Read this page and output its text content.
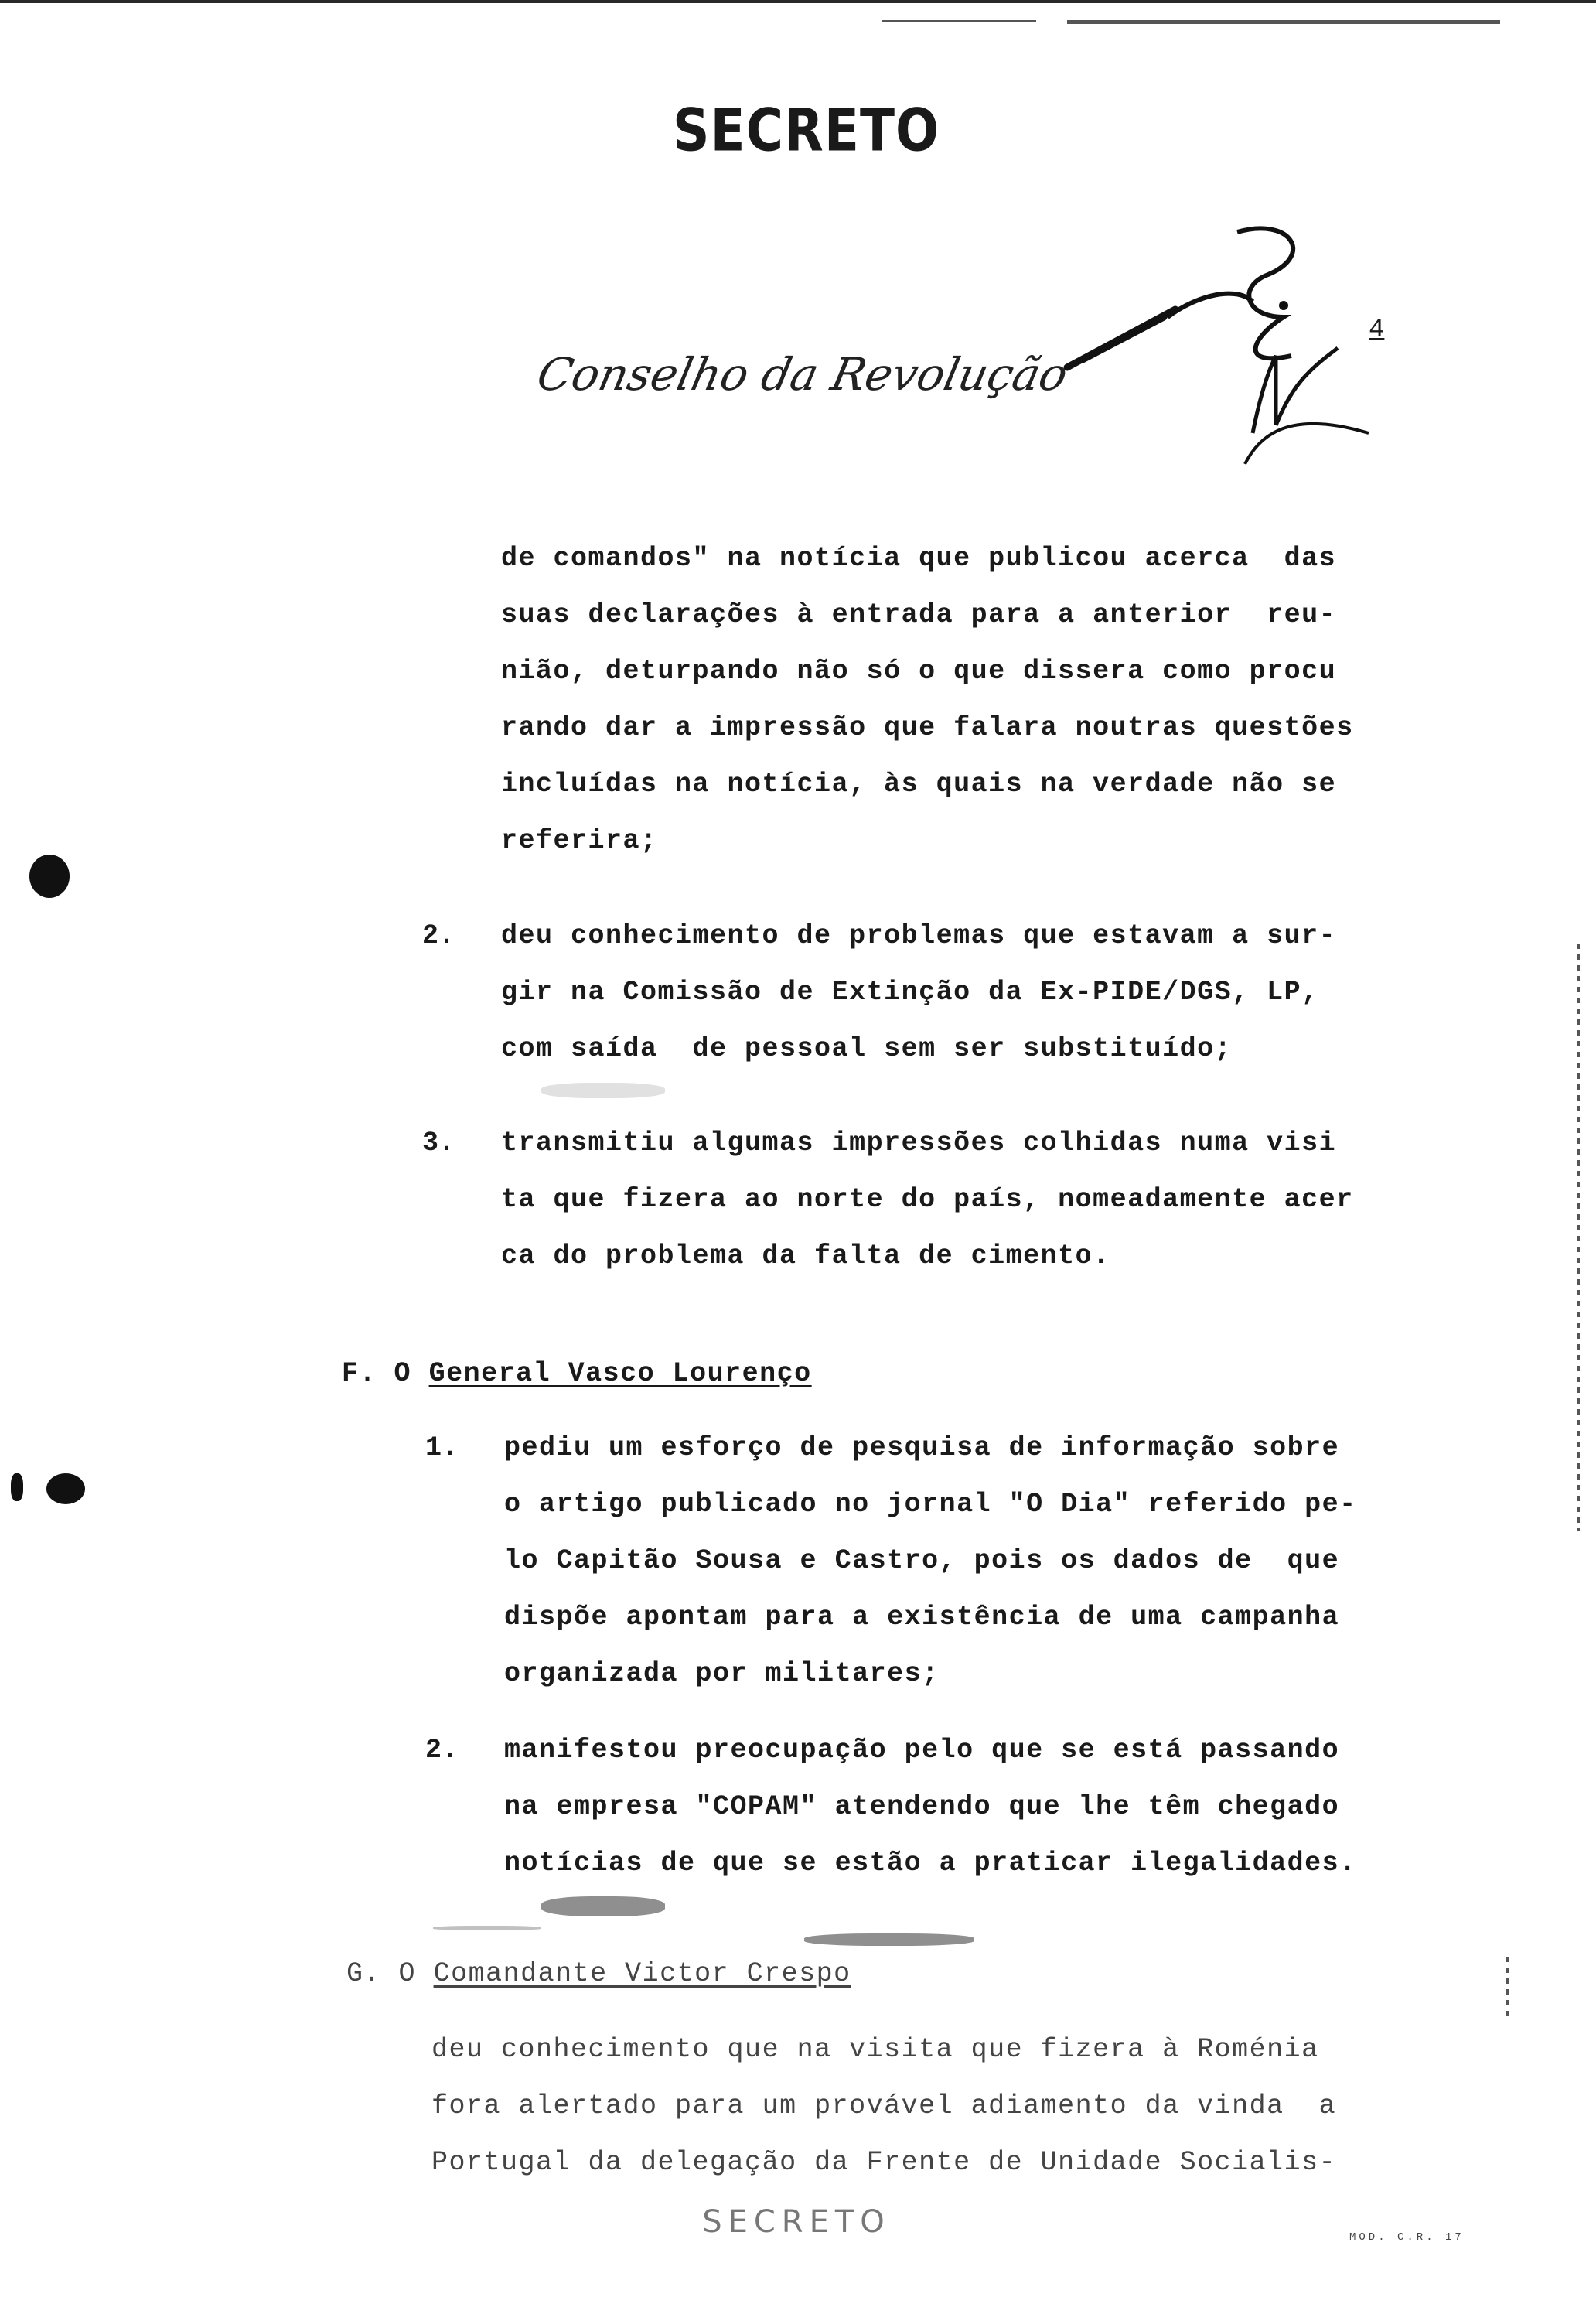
SECRETO
Conselho da Revolução
4
de comandos" na notícia que publicou acerca  das
suas declarações à entrada para a anterior  reu-
nião, deturpando não só o que dissera como procu
rando dar a impressão que falara noutras questões
incluídas na notícia, às quais na verdade não se
referira;
2. deu conhecimento de problemas que estavam a sur-
gir na Comissão de Extinção da Ex-PIDE/DGS, LP,
com saída  de pessoal sem ser substituído;
3. transmitiu algumas impressões colhidas numa visi
ta que fizera ao norte do país, nomeadamente acer
ca do problema da falta de cimento.
F. O General Vasco Lourenço
1. pediu um esforço de pesquisa de informação sobre
o artigo publicado no jornal "O Dia" referido pe-
lo Capitão Sousa e Castro, pois os dados de  que
dispõe apontam para a existência de uma campanha
organizada por militares;
2. manifestou preocupação pelo que se está passando
na empresa "COPAM" atendendo que lhe têm chegado
notícias de que se estão a praticar ilegalidades.
G. O Comandante Victor Crespo
deu conhecimento que na visita que fizera à Roménia
fora alertado para um provável adiamento da vinda  a
Portugal da delegação da Frente de Unidade Socialis-
SECRETO	MOD. C.R. 17
